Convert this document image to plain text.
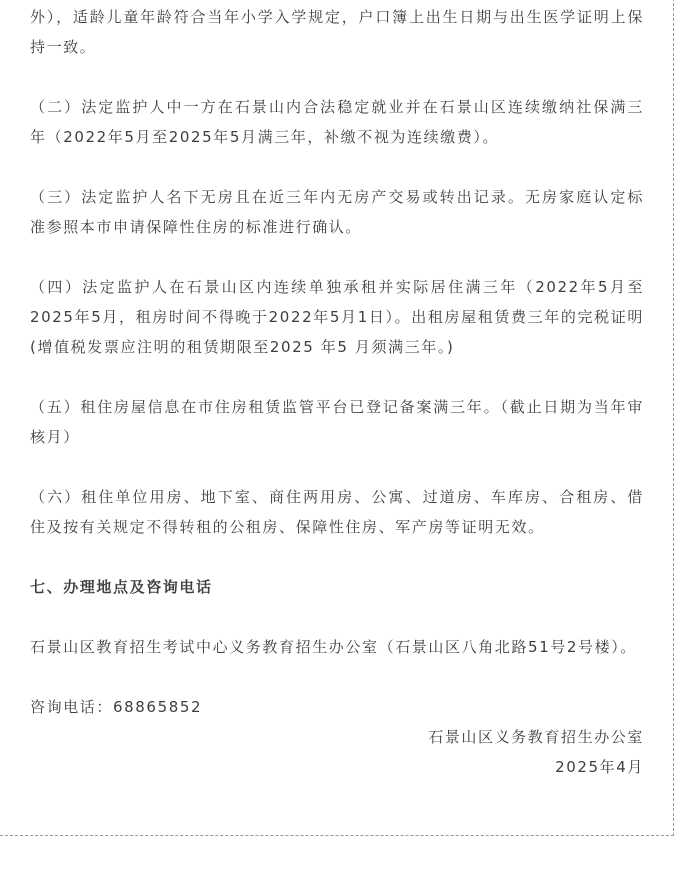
外），适龄儿童年龄符合当年小学入学规定，户口簿上出生日期与出生医学证明上保持一致。

（二）法定监护人中一方在石景山内合法稳定就业并在石景山区连续缴纳社保满三年（2022年5月至2025年5月满三年，补缴不视为连续缴费）。

（三）法定监护人名下无房且在近三年内无房产交易或转出记录。无房家庭认定标准参照本市申请保障性住房的标准进行确认。

（四）法定监护人在石景山区内连续单独承租并实际居住满三年（2022年5月至2025年5月，租房时间不得晚于2022年5月1日）。出租房屋租赁费三年的完税证明(增值税发票应注明的租赁期限至2025 年5 月须满三年。)

（五）租住房屋信息在市住房租赁监管平台已登记备案满三年。（截止日期为当年审核月）

（六）租住单位用房、地下室、商住两用房、公寓、过道房、车库房、合租房、借住及按有关规定不得转租的公租房、保障性住房、军产房等证明无效。

七、办理地点及咨询电话

石景山区教育招生考试中心义务教育招生办公室（石景山区八角北路51号2号楼）。

咨询电话：68865852

石景山区义务教育招生办公室

2025年4月
